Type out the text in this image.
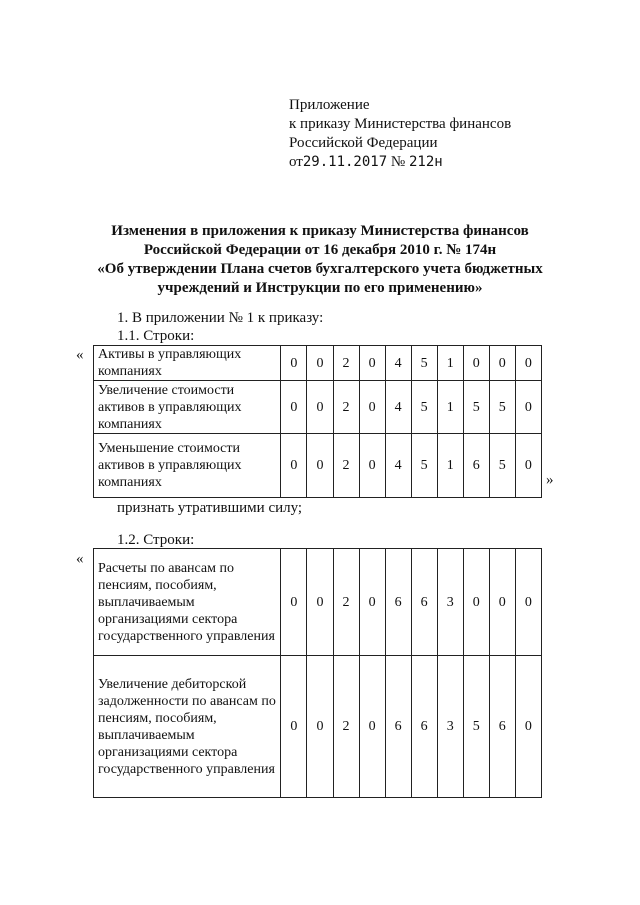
Приложение
к приказу Министерства финансов
Российской Федерации
от29.11.2017 № 212н
Изменения в приложения к приказу Министерства финансов
Российской Федерации от 16 декабря 2010 г. № 174н
«Об утверждении Плана счетов бухгалтерского учета бюджетных
учреждений и Инструкции по его применению»
1. В приложении № 1 к приказу:
1.1. Строки:
« Активы в управляющих компаниях	0	0	2	0	4	5	1	0	0	0
Увеличение стоимости активов в управляющих компаниях	0	0	2	0	4	5	1	5	5	0
Уменьшение стоимости активов в управляющих компаниях	0	0	2	0	4	5	1	6	5	0
»
признать утратившими силу;
1.2. Строки:
«
Расчеты по авансам по пенсиям, пособиям, выплачиваемым организациями сектора государственного управления	0	0	2	0	6	6	3	0	0	0
Увеличение дебиторской задолженности по авансам по пенсиям, пособиям, выплачиваемым организациями сектора государственного управления	0	0	2	0	6	6	3	5	6	0
